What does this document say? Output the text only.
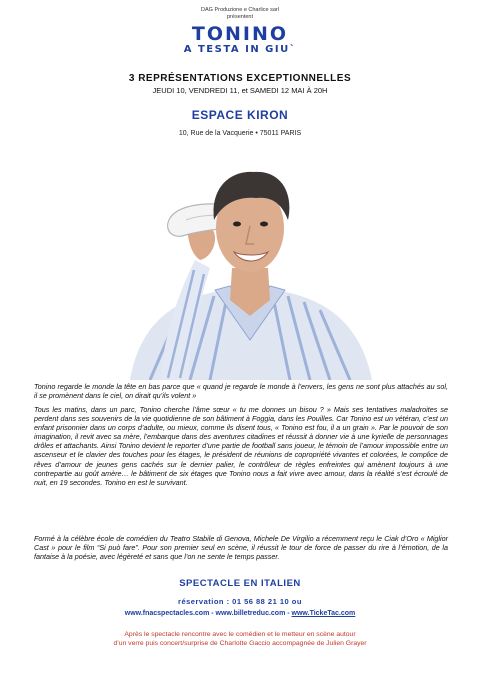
DAG Produzione e Charlice sarl
présentent
TONINO
A TESTA IN GIU`
3 REPRÉSENTATIONS EXCEPTIONNELLES
JEUDI 10, VENDREDI 11, et SAMEDI 12 MAI À 20H
ESPACE KIRON
10, Rue de la Vacquerie • 75011 PARIS
Tonino regarde le monde la tête en bas parce que « quand je regarde le monde à l’envers, les gens ne sont plus attachés au sol, il se promènent dans le ciel, on dirait qu’ils volent »
Tous les matins, dans un parc, Tonino cherche l’âme sœur « tu me donnes un bisou ? » Mais ses tentatives maladroites se perdent dans ses souvenirs de la vie quotidienne de son bâtiment à Foggia, dans les Pouilles. Car Tonino est un vétéran, c’est un enfant prisonnier dans un corps d’adulte, ou mieux, comme ils disent tous, « Tonino est fou, il a un grain ». Par le pouvoir de son imagination, il revit avec sa mère, l’embarque dans des aventures citadines et réussit à donner vie à une kyrielle de personnages drôles et attachants. Ainsi Tonino devient le reporter d’une partie de football sans joueur, le témoin de l’amour impossible entre un ascenseur et le clavier des touches pour les étages, le président de réunions de copropriété vivantes et colorées, le complice de rêves d’amour de jeunes gens cachés sur le dernier palier, le contrôleur de règles enfreintes qui amènent toujours à une contrepartie au goût amère… le bâtiment de six étages que Tonino nous a fait vivre avec amour, dans la réalité s’est écroulé de nuit, en 19 secondes. Tonino en est le survivant.
Formé à la célèbre école de comédien du Teatro Stabile di Genova, Michele De Virgilio a récemment reçu le Ciak d’Oro « Miglior Cast » pour le film “Si può fare”. Pour son premier seul en scène, il réussit le tour de force de passer du rire à l’émotion, de la fantaise à la poésie, avec légèreté et sans que l’on ne sente le temps passer.
SPECTACLE EN ITALIEN
réservation : 01 56 88 21 10 ou
www.fnacspectacles.com - www.billetreduc.com - www.TickeTac.com
Après le spectacle rencontre avec le comédien et le metteur en scène autour
d’un verre puis concert/surprise de Charlotte Gaccio accompagnée de Julien Grayer
